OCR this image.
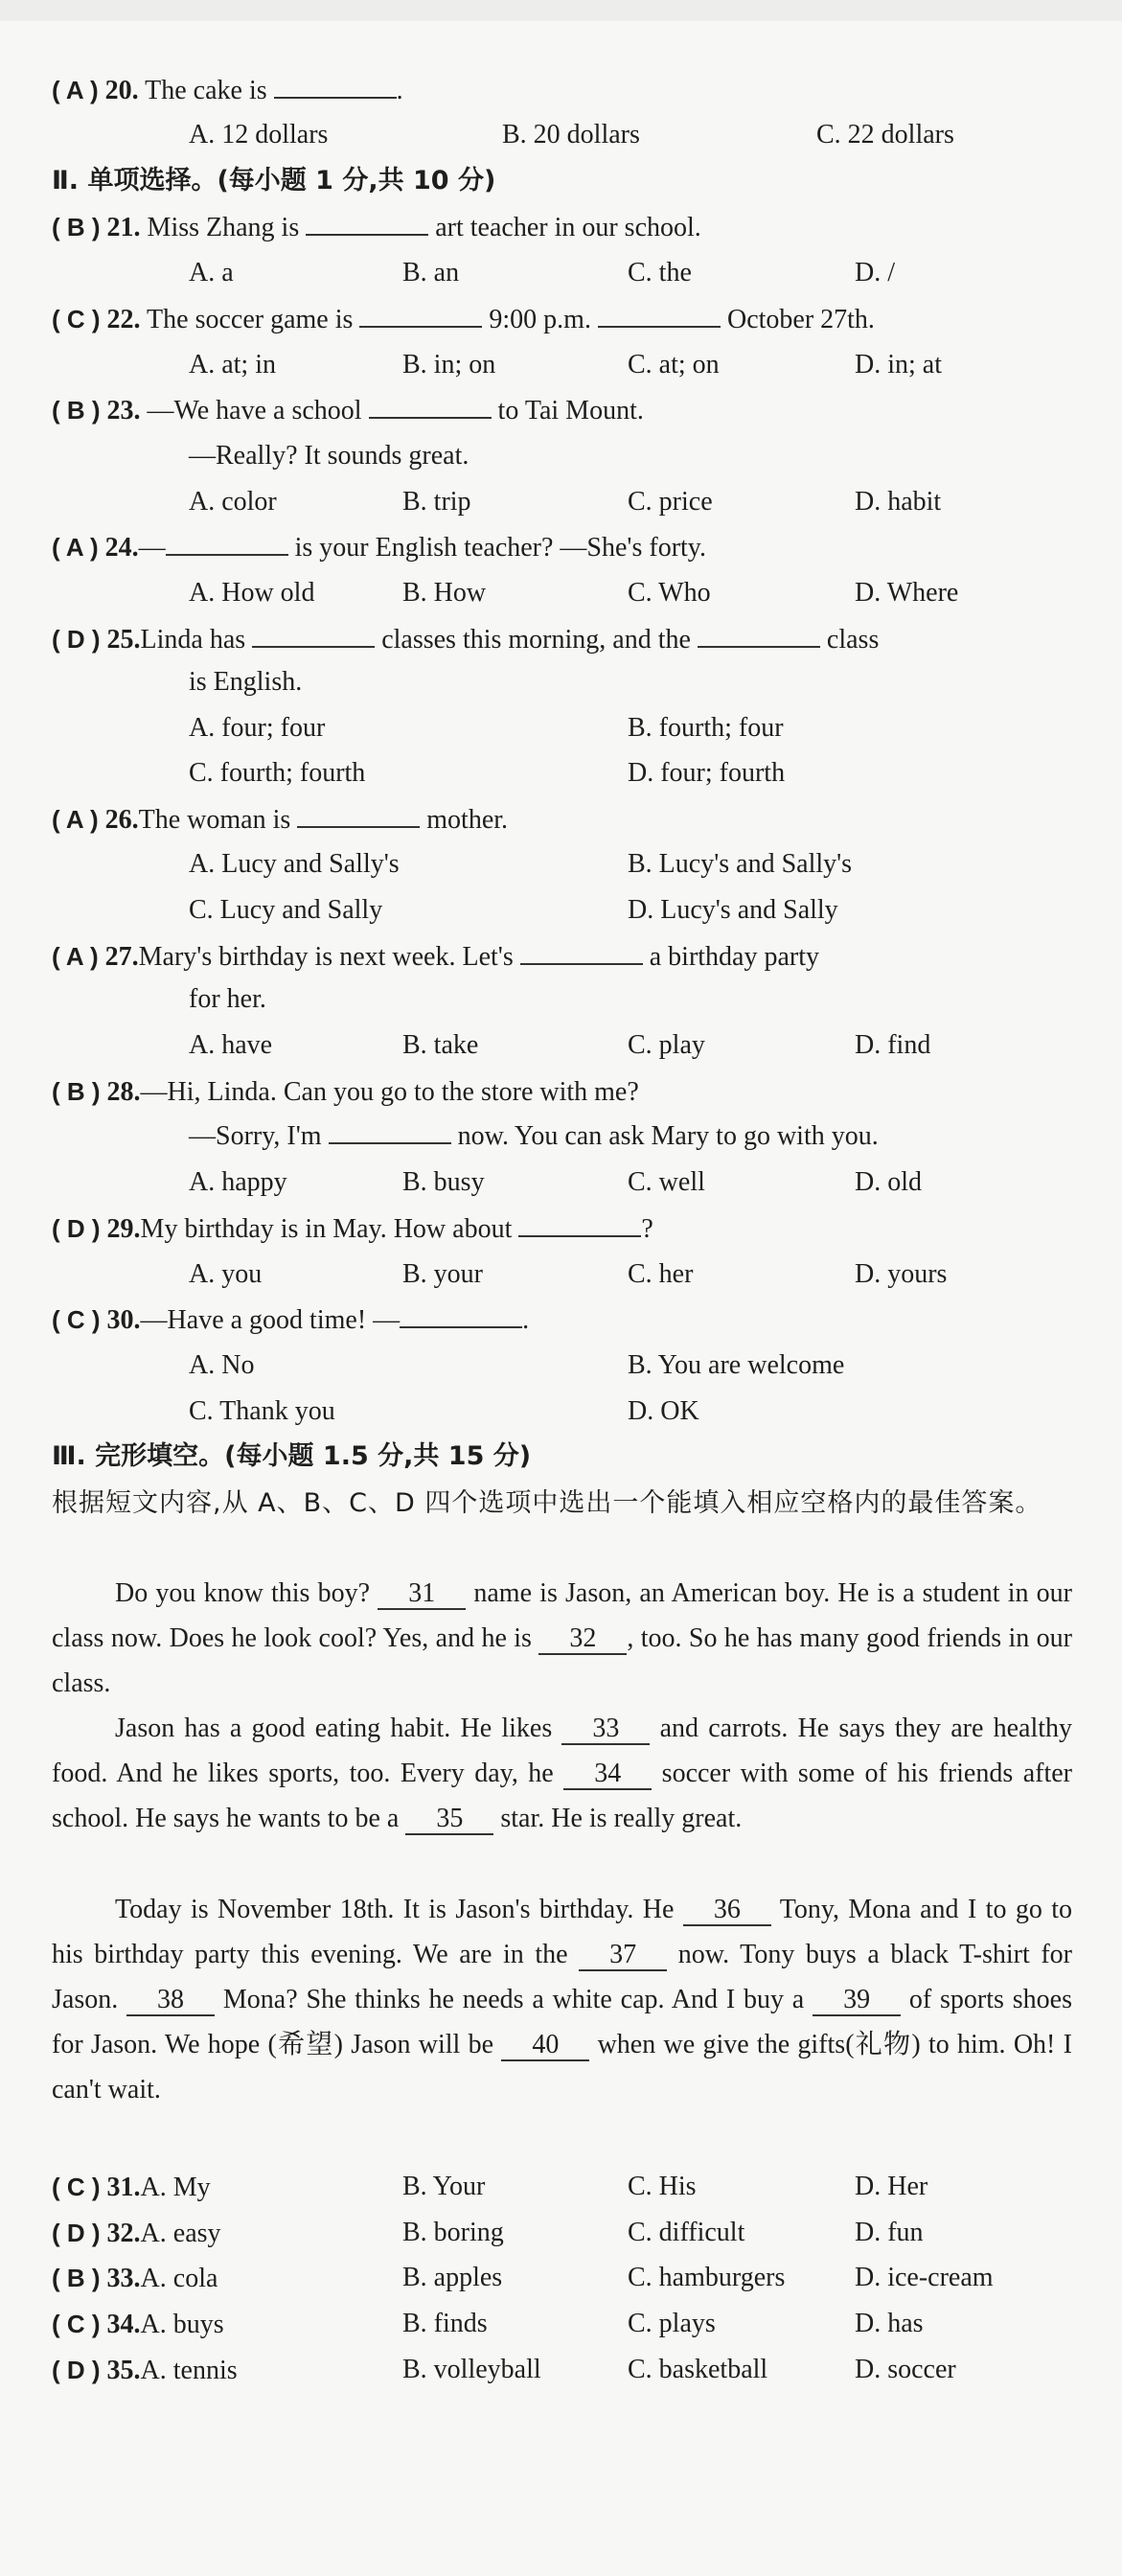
( A ) 20. The cake is	.
A. 12 dollars	B. 20 dollars	C. 22 dollars
Ⅱ. 单项选择。(每小题 1 分,共 10 分)
( B ) 21. Miss Zhang is	art teacher in our school.
A. a	B. an	C. the	D. /
( C ) 22. The soccer game is	9:00 p.m.	October 27th.
A. at; in	B. in; on	C. at; on	D. in; at
( B ) 23. —We have a school	to Tai Mount.
—Really? It sounds great.
A. color	B. trip	C. price	D. habit
( A ) 24.—	is your English teacher? —She's forty.
A. How old	B. How	C. Who	D. Where
( D ) 25.Linda has	classes this morning, and the	class
is English.
A. four; four	B. fourth; four
C. fourth; fourth	D. four; fourth
( A ) 26.The woman is	mother.
A. Lucy and Sally's	B. Lucy's and Sally's
C. Lucy and Sally	D. Lucy's and Sally
( A ) 27.Mary's birthday is next week. Let's	a birthday party
for her.
A. have	B. take	C. play	D. find
( B ) 28.—Hi, Linda. Can you go to the store with me?
—Sorry, I'm	now. You can ask Mary to go with you.
A. happy	B. busy	C. well	D. old
( D ) 29.My birthday is in May. How about	?
A. you	B. your	C. her	D. yours
( C ) 30.—Have a good time! —	.
A. No	B. You are welcome
C. Thank you	D. OK
Ⅲ. 完形填空。(每小题 1.5 分,共 15 分)
根据短文内容,从 A、B、C、D 四个选项中选出一个能填入相应空格内的最佳答案。
Do you know this boy? 31 name is Jason, an American boy. He is a student in our class now. Does he look cool? Yes, and he is 32 , too. So he has many good friends in our class.
Jason has a good eating habit. He likes 33 and carrots. He says they are healthy food. And he likes sports, too. Every day, he 34 soccer with some of his friends after school. He says he wants to be a 35 star. He is really great.
Today is November 18th. It is Jason's birthday. He 36 Tony, Mona and I to go to his birthday party this evening. We are in the 37 now. Tony buys a black T-shirt for Jason. 38 Mona? She thinks he needs a white cap. And I buy a 39 of sports shoes for Jason. We hope (希望) Jason will be 40 when we give the gifts(礼物) to him. Oh! I can't wait.
( C ) 31.A. My	B. Your	C. His	D. Her
( D ) 32.A. easy	B. boring	C. difficult	D. fun
( B ) 33.A. cola	B. apples	C. hamburgers	D. ice-cream
( C ) 34.A. buys	B. finds	C. plays	D. has
( D ) 35.A. tennis	B. volleyball	C. basketball	D. soccer
